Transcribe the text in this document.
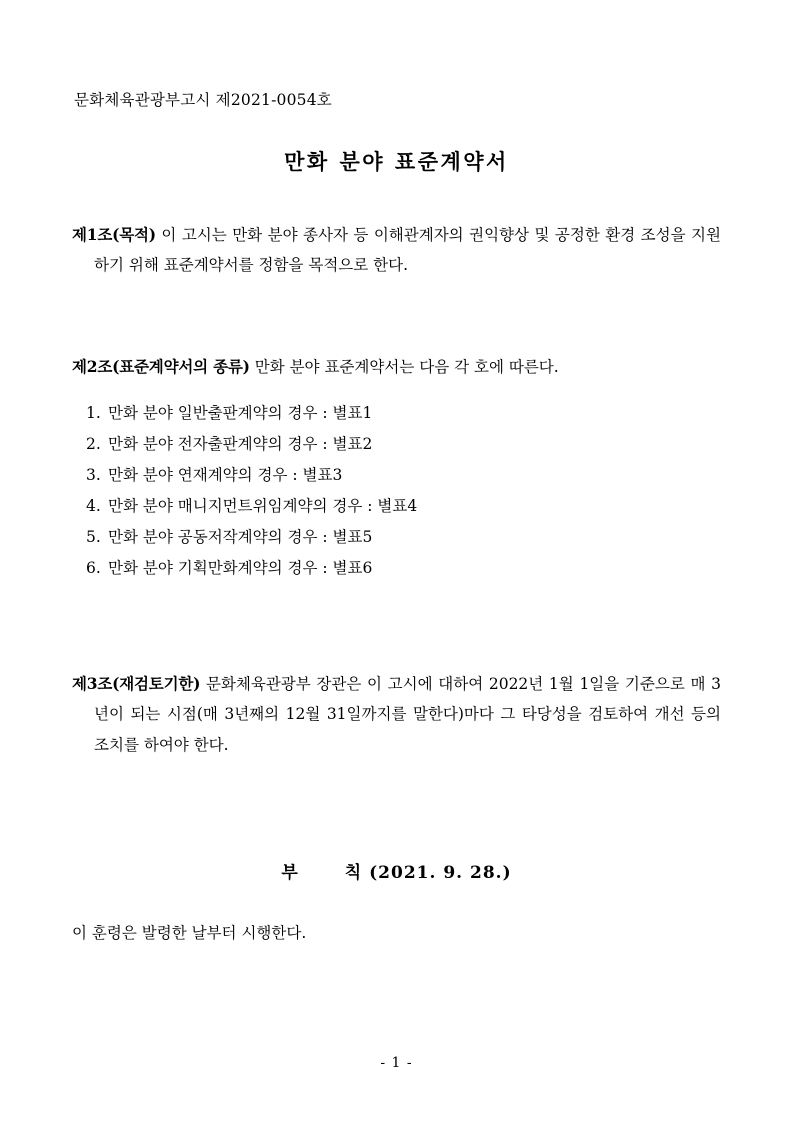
문화체육관광부고시 제2021-0054호
만화 분야 표준계약서

제1조(목적) 이 고시는 만화 분야 종사자 등 이해관계자의 권익향상 및 공정한 환경 조성을 지원하기 위해 표준계약서를 정함을 목적으로 한다.

제2조(표준계약서의 종류) 만화 분야 표준계약서는 다음 각 호에 따른다.

1. 만화 분야 일반출판계약의 경우 : 별표1
2. 만화 분야 전자출판계약의 경우 : 별표2
3. 만화 분야 연재계약의 경우 : 별표3
4. 만화 분야 매니지먼트위임계약의 경우 : 별표4
5. 만화 분야 공동저작계약의 경우 : 별표5
6. 만화 분야 기획만화계약의 경우 : 별표6

제3조(재검토기한) 문화체육관광부 장관은 이 고시에 대하여 2022년 1월 1일을 기준으로 매 3년이 되는 시점(매 3년째의 12월 31일까지를 말한다)마다 그 타당성을 검토하여 개선 등의 조치를 하여야 한다.

부	칙 (2021. 9. 28.)

이 훈령은 발령한 날부터 시행한다.

- 1 -
